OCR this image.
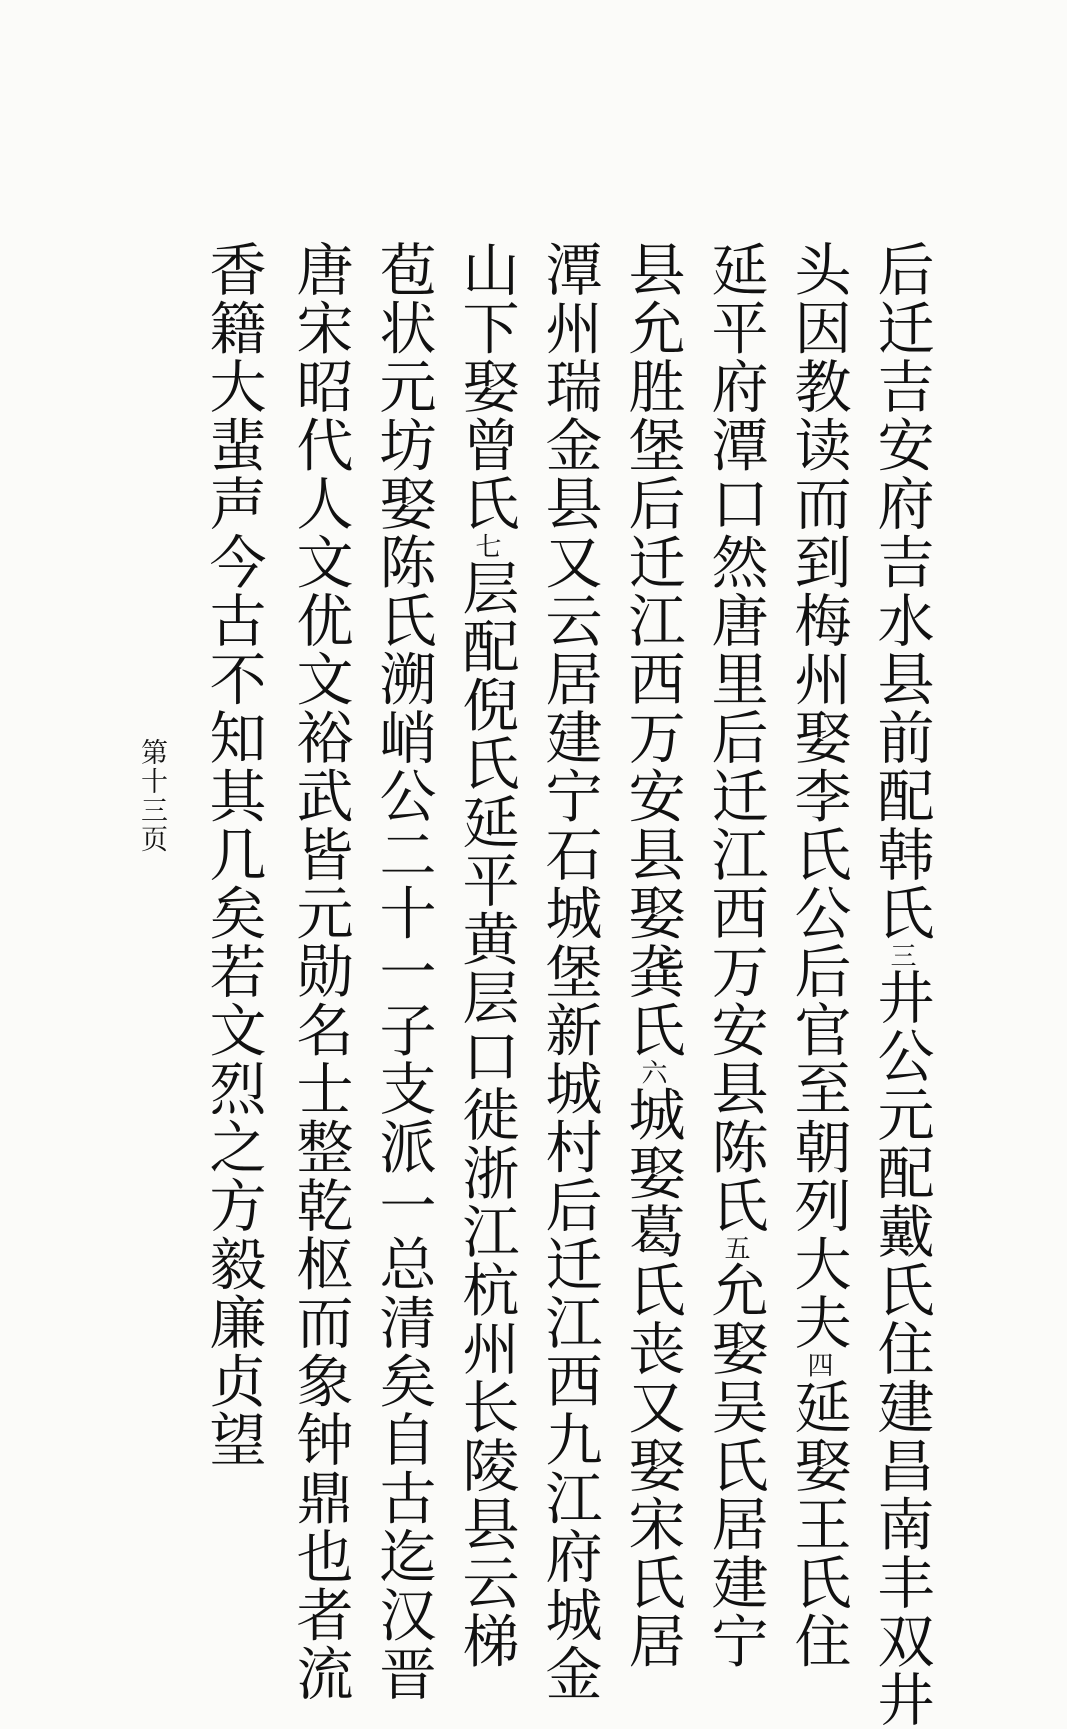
后迁吉安府吉水县前配韩氏三井公元配戴氏住建昌南丰双井
头因教读而到梅州娶李氏公后官至朝列大夫四延娶王氏住
延平府潭口然唐里后迁江西万安县陈氏五允娶吴氏居建宁
县允胜堡后迁江西万安县娶龚氏六城娶葛氏丧又娶宋氏居
潭州瑞金县又云居建宁石城堡新城村后迁江西九江府城金
山下娶曾氏七层配倪氏延平黄层口徙浙江杭州长陵县云梯
苞状元坊娶陈氏溯峭公二十一子支派一总清矣自古迄汉晋
唐宋昭代人文优文裕武皆元勋名士整乾枢而象钟鼎也者流
香籍大蜚声今古不知其几矣若文烈之方毅廉贞望
第十三页
